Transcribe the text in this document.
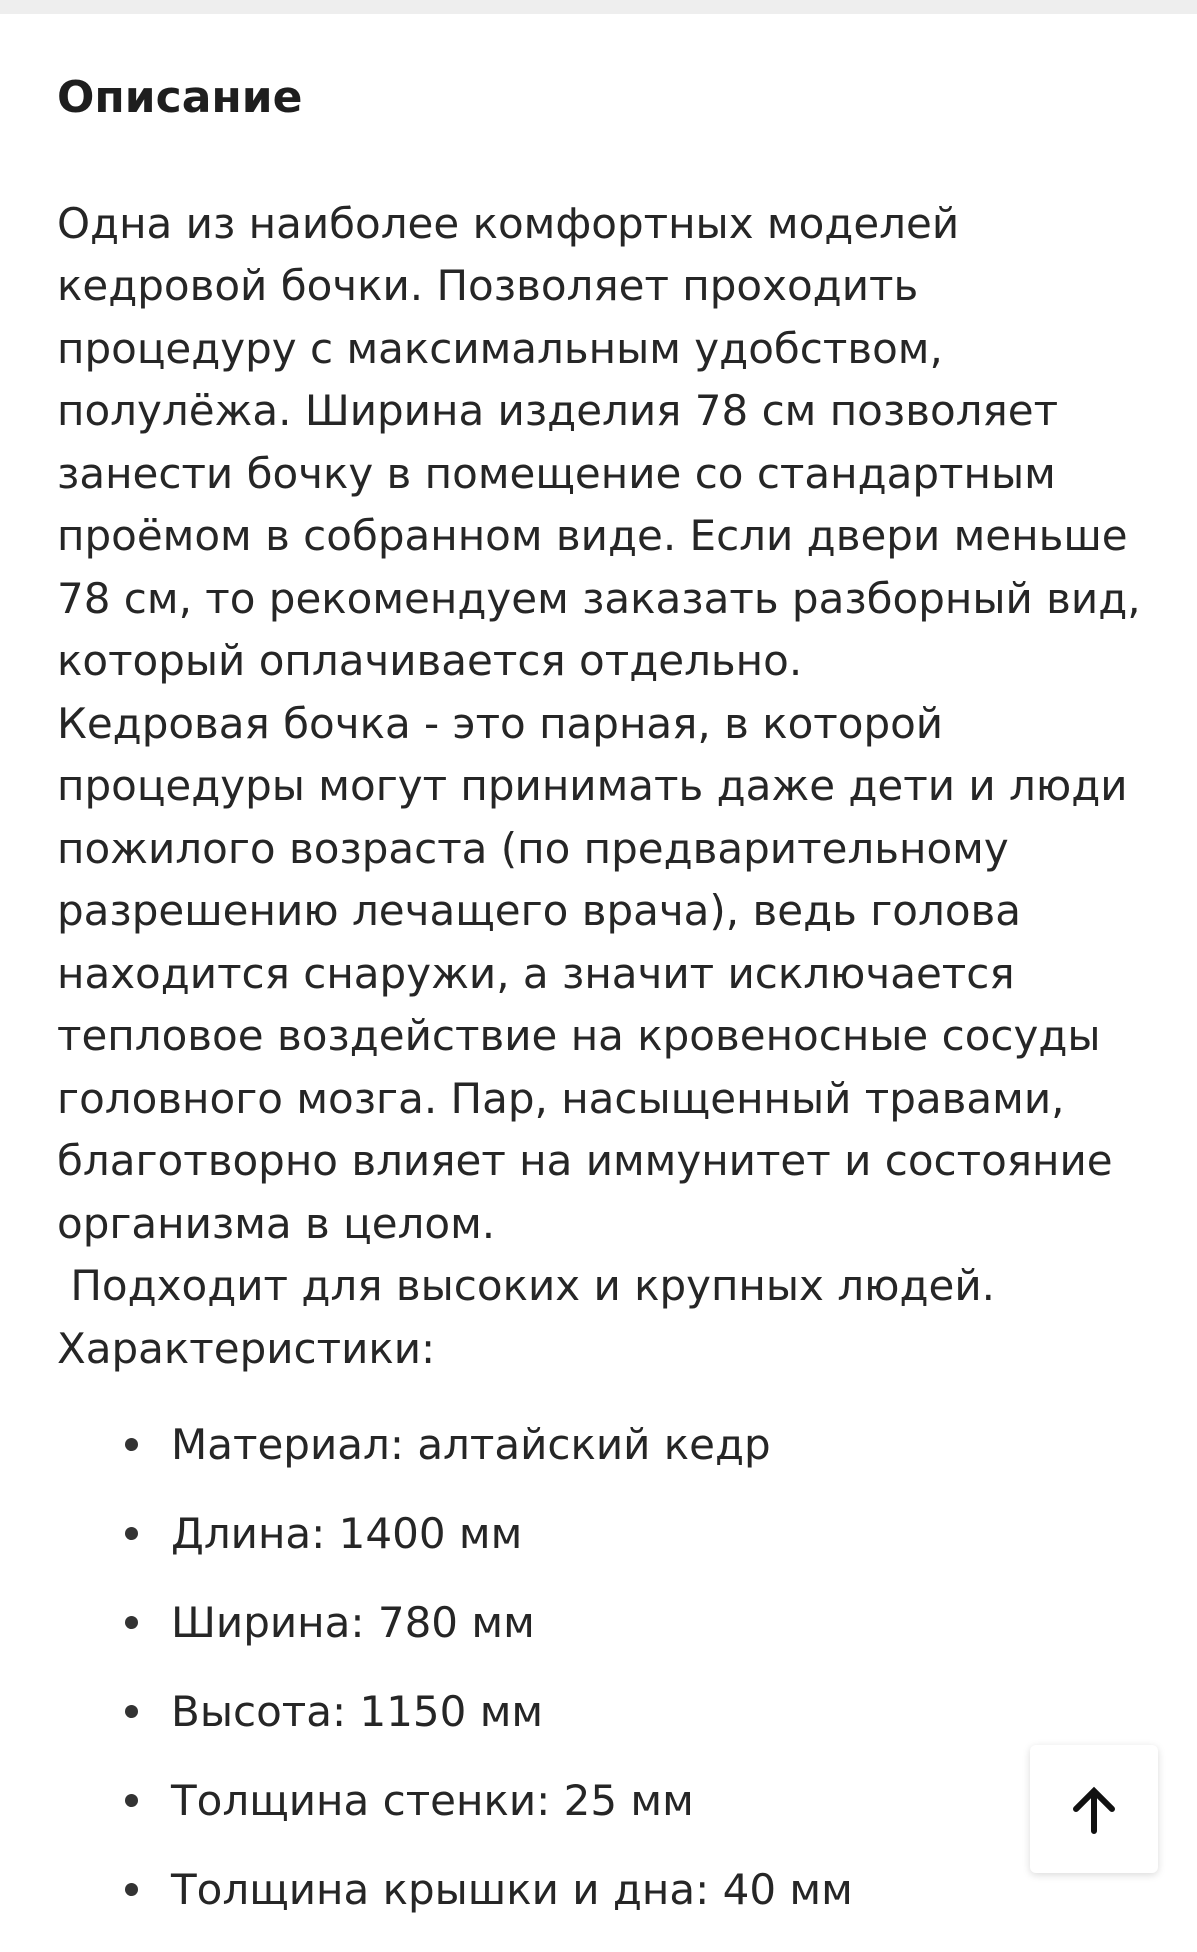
Описание
Одна из наиболее комфортных моделей
кедровой бочки. Позволяет проходить
процедуру с максимальным удобством,
полулёжа. Ширина изделия 78 см позволяет
занести бочку в помещение со стандартным
проёмом в собранном виде. Если двери меньше
78 см, то рекомендуем заказать разборный вид,
который оплачивается отдельно.
Кедровая бочка - это парная, в которой
процедуры могут принимать даже дети и люди
пожилого возраста (по предварительному
разрешению лечащего врача), ведь голова
находится снаружи, а значит исключается
тепловое воздействие на кровеносные сосуды
головного мозга. Пар, насыщенный травами,
благотворно влияет на иммунитет и состояние
организма в целом.
Подходит для высоких и крупных людей.
Характеристики:
Материал: алтайский кедр
Длина: 1400 мм
Ширина: 780 мм
Высота: 1150 мм
Толщина стенки: 25 мм
Толщина крышки и дна: 40 мм
